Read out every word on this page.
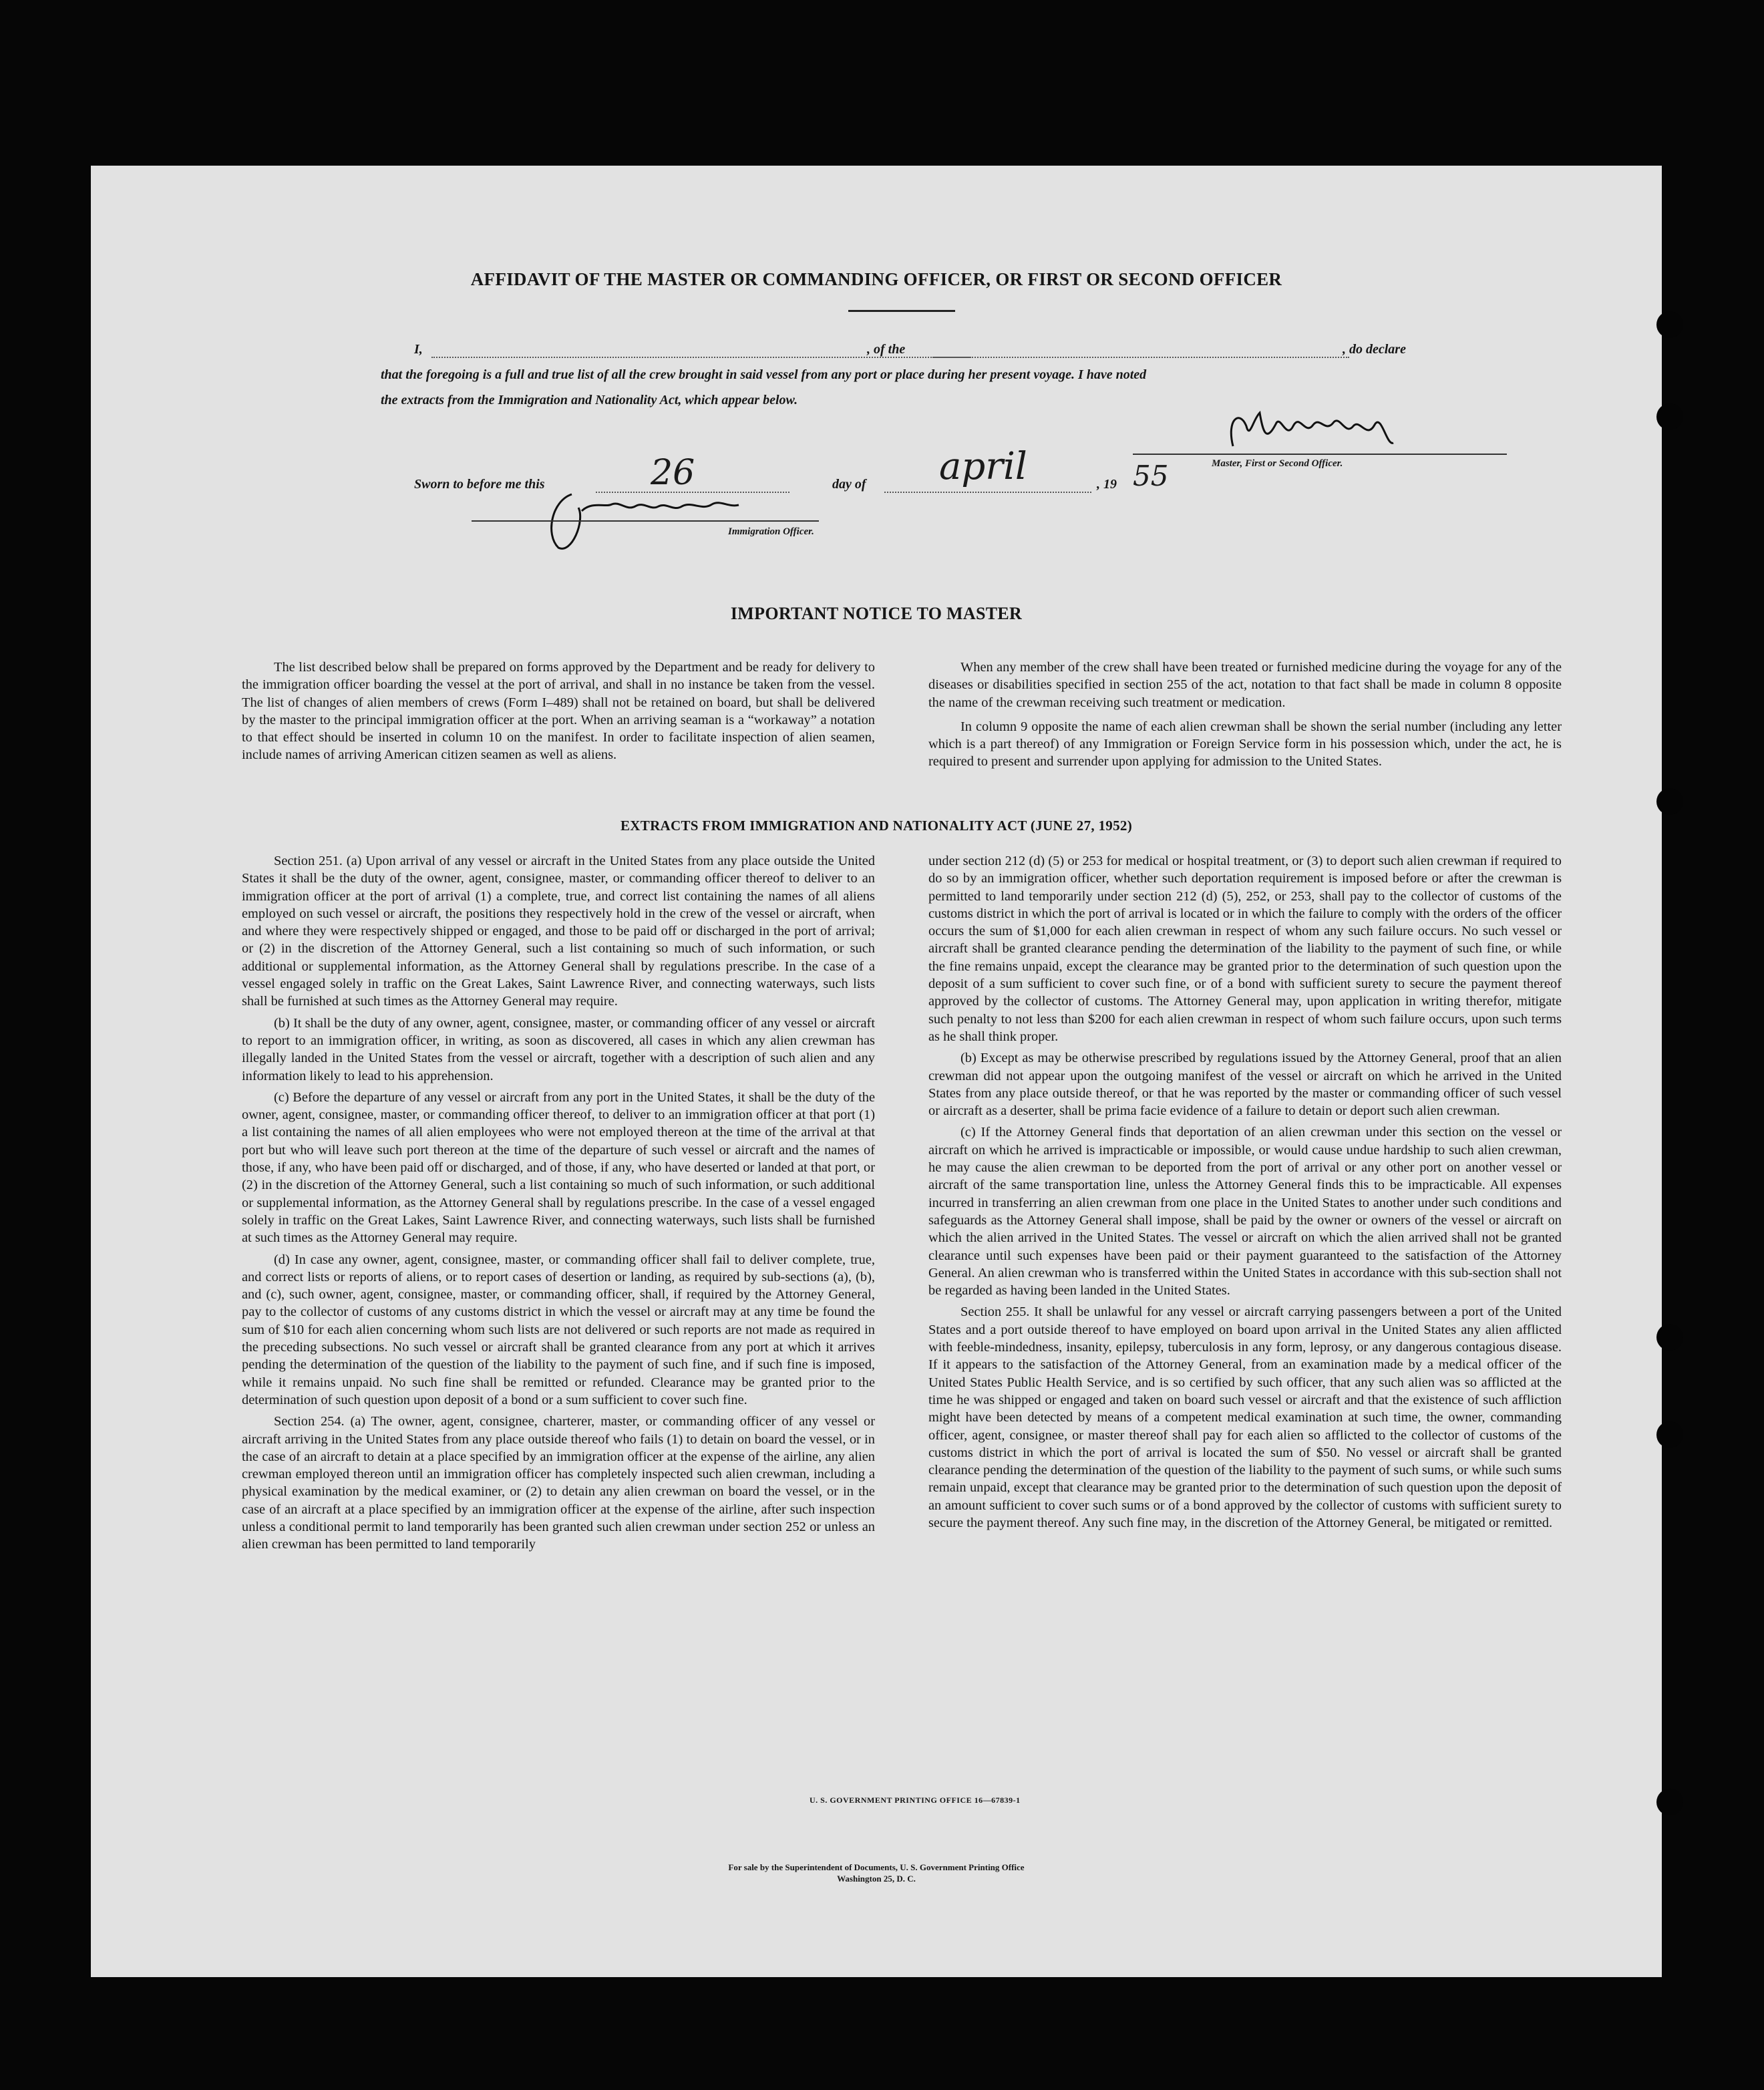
AFFIDAVIT OF THE MASTER OR COMMANDING OFFICER, OR FIRST OR SECOND OFFICER
I,	, of the	, do declare
that the foregoing is a full and true list of all the crew brought in said vessel from any port or place during her present voyage. I have noted
the extracts from the Immigration and Nationality Act, which appear below.
Master, First or Second Officer.
Sworn to before me this	26	day of april	, 19 55
Immigration Officer.
IMPORTANT NOTICE TO MASTER

The list described below shall be prepared on forms approved by the Department and be ready for delivery to the immigration officer boarding the vessel at the port of arrival, and shall in no instance be taken from the vessel. The list of changes of alien members of crews (Form I–489) shall not be retained on board, but shall be delivered by the master to the principal immigration officer at the port. When an arriving seaman is a “workaway” a notation to that effect should be inserted in column 10 on the manifest. In order to facilitate inspection of alien seamen, include names of arriving American citizen seamen as well as aliens.

When any member of the crew shall have been treated or furnished medicine during the voyage for any of the diseases or disabilities specified in section 255 of the act, notation to that fact shall be made in column 8 opposite the name of the crewman receiving such treatment or medication.

In column 9 opposite the name of each alien crewman shall be shown the serial number (including any letter which is a part thereof) of any Immigration or Foreign Service form in his possession which, under the act, he is required to present and surrender upon applying for admission to the United States.

EXTRACTS FROM IMMIGRATION AND NATIONALITY ACT (JUNE 27, 1952)

Section 251. (a) Upon arrival of any vessel or aircraft in the United States from any place outside the United States it shall be the duty of the owner, agent, consignee, master, or commanding officer thereof to deliver to an immigration officer at the port of arrival (1) a complete, true, and correct list containing the names of all aliens employed on such vessel or aircraft, the positions they respectively hold in the crew of the vessel or aircraft, when and where they were respectively shipped or engaged, and those to be paid off or discharged in the port of arrival; or (2) in the discretion of the Attorney General, such a list containing so much of such information, or such additional or supplemental information, as the Attorney General shall by regulations prescribe. In the case of a vessel engaged solely in traffic on the Great Lakes, Saint Lawrence River, and connecting waterways, such lists shall be furnished at such times as the Attorney General may require.

(b) It shall be the duty of any owner, agent, consignee, master, or commanding officer of any vessel or aircraft to report to an immigration officer, in writing, as soon as discovered, all cases in which any alien crewman has illegally landed in the United States from the vessel or aircraft, together with a description of such alien and any information likely to lead to his apprehension.

(c) Before the departure of any vessel or aircraft from any port in the United States, it shall be the duty of the owner, agent, consignee, master, or commanding officer thereof, to deliver to an immigration officer at that port (1) a list containing the names of all alien employees who were not employed thereon at the time of the arrival at that port but who will leave such port thereon at the time of the departure of such vessel or aircraft and the names of those, if any, who have been paid off or discharged, and of those, if any, who have deserted or landed at that port, or (2) in the discretion of the Attorney General, such a list containing so much of such information, or such additional or supplemental information, as the Attorney General shall by regulations prescribe. In the case of a vessel engaged solely in traffic on the Great Lakes, Saint Lawrence River, and connecting waterways, such lists shall be furnished at such times as the Attorney General may require.

(d) In case any owner, agent, consignee, master, or commanding officer shall fail to deliver complete, true, and correct lists or reports of aliens, or to report cases of desertion or landing, as required by sub-sections (a), (b), and (c), such owner, agent, consignee, master, or commanding officer, shall, if required by the Attorney General, pay to the collector of customs of any customs district in which the vessel or aircraft may at any time be found the sum of $10 for each alien concerning whom such lists are not delivered or such reports are not made as required in the preceding subsections. No such vessel or aircraft shall be granted clearance from any port at which it arrives pending the determination of the question of the liability to the payment of such fine, and if such fine is imposed, while it remains unpaid. No such fine shall be remitted or refunded. Clearance may be granted prior to the determination of such question upon deposit of a bond or a sum sufficient to cover such fine.

Section 254. (a) The owner, agent, consignee, charterer, master, or commanding officer of any vessel or aircraft arriving in the United States from any place outside thereof who fails (1) to detain on board the vessel, or in the case of an aircraft to detain at a place specified by an immigration officer at the expense of the airline, any alien crewman employed thereon until an immigration officer has completely inspected such alien crewman, including a physical examination by the medical examiner, or (2) to detain any alien crewman on board the vessel, or in the case of an aircraft at a place specified by an immigration officer at the expense of the airline, after such inspection unless a conditional permit to land temporarily has been granted such alien crewman under section 252 or unless an alien crewman has been permitted to land temporarily

under section 212 (d) (5) or 253 for medical or hospital treatment, or (3) to deport such alien crewman if required to do so by an immigration officer, whether such deportation requirement is imposed before or after the crewman is permitted to land temporarily under section 212 (d) (5), 252, or 253, shall pay to the collector of customs of the customs district in which the port of arrival is located or in which the failure to comply with the orders of the officer occurs the sum of $1,000 for each alien crewman in respect of whom any such failure occurs. No such vessel or aircraft shall be granted clearance pending the determination of the liability to the payment of such fine, or while the fine remains unpaid, except the clearance may be granted prior to the determination of such question upon the deposit of a sum sufficient to cover such fine, or of a bond with sufficient surety to secure the payment thereof approved by the collector of customs. The Attorney General may, upon application in writing therefor, mitigate such penalty to not less than $200 for each alien crewman in respect of whom such failure occurs, upon such terms as he shall think proper.

(b) Except as may be otherwise prescribed by regulations issued by the Attorney General, proof that an alien crewman did not appear upon the outgoing manifest of the vessel or aircraft on which he arrived in the United States from any place outside thereof, or that he was reported by the master or commanding officer of such vessel or aircraft as a deserter, shall be prima facie evidence of a failure to detain or deport such alien crewman.

(c) If the Attorney General finds that deportation of an alien crewman under this section on the vessel or aircraft on which he arrived is impracticable or impossible, or would cause undue hardship to such alien crewman, he may cause the alien crewman to be deported from the port of arrival or any other port on another vessel or aircraft of the same transportation line, unless the Attorney General finds this to be impracticable. All expenses incurred in transferring an alien crewman from one place in the United States to another under such conditions and safeguards as the Attorney General shall impose, shall be paid by the owner or owners of the vessel or aircraft on which the alien arrived in the United States. The vessel or aircraft on which the alien arrived shall not be granted clearance until such expenses have been paid or their payment guaranteed to the satisfaction of the Attorney General. An alien crewman who is transferred within the United States in accordance with this sub-section shall not be regarded as having been landed in the United States.

Section 255. It shall be unlawful for any vessel or aircraft carrying passengers between a port of the United States and a port outside thereof to have employed on board upon arrival in the United States any alien afflicted with feeble-mindedness, insanity, epilepsy, tuberculosis in any form, leprosy, or any dangerous contagious disease. If it appears to the satisfaction of the Attorney General, from an examination made by a medical officer of the United States Public Health Service, and is so certified by such officer, that any such alien was so afflicted at the time he was shipped or engaged and taken on board such vessel or aircraft and that the existence of such affliction might have been detected by means of a competent medical examination at such time, the owner, commanding officer, agent, consignee, or master thereof shall pay for each alien so afflicted to the collector of customs of the customs district in which the port of arrival is located the sum of $50. No vessel or aircraft shall be granted clearance pending the determination of the question of the liability to the payment of such sums, or while such sums remain unpaid, except that clearance may be granted prior to the determination of such question upon the deposit of an amount sufficient to cover such sums or of a bond approved by the collector of customs with sufficient surety to secure the payment thereof. Any such fine may, in the discretion of the Attorney General, be mitigated or remitted.

U. S. GOVERNMENT PRINTING OFFICE 16—67839-1
For sale by the Superintendent of Documents, U. S. Government Printing Office
Washington 25, D. C.
